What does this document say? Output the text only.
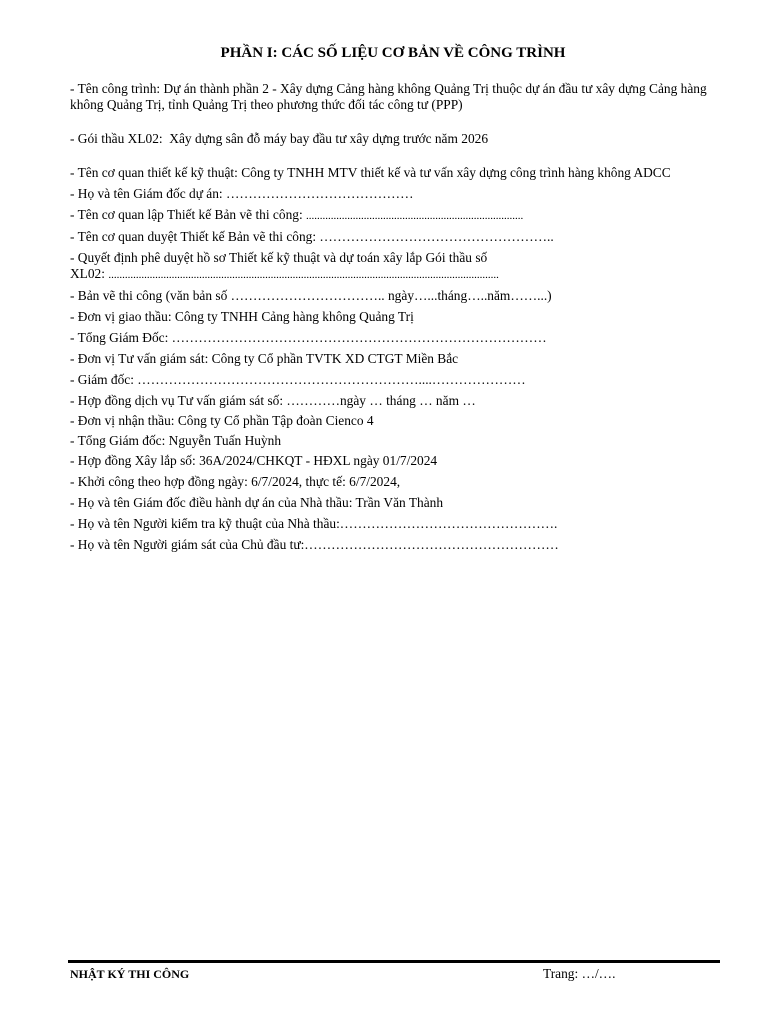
PHẦN I: CÁC SỐ LIỆU CƠ BẢN VỀ CÔNG TRÌNH

- Tên công trình: Dự án thành phần 2 - Xây dựng Cảng hàng không Quảng Trị thuộc dự án đầu tư xây dựng Cảng hàng không Quảng Trị, tỉnh Quảng Trị theo phương thức đối tác công tư (PPP)

- Gói thầu XL02:  Xây dựng sân đỗ máy bay đầu tư xây dựng trước năm 2026

- Tên cơ quan thiết kế kỹ thuật: Công ty TNHH MTV thiết kế và tư vấn xây dựng công trình hàng không ADCC

- Họ và tên Giám đốc dự án: ……………………………………

- Tên cơ quan lập Thiết kế Bản vẽ thi công: ...............................................................................

- Tên cơ quan duyệt Thiết kế Bản vẽ thi công: ……………………………………………..

- Quyết định phê duyệt hồ sơ Thiết kế kỹ thuật và dự toán xây lắp Gói thầu số
XL02: ..............................................................................................................................................

- Bản vẽ thi công (văn bản số …………………………….. ngày…...tháng…..năm……...)

- Đơn vị giao thầu: Công ty TNHH Cảng hàng không Quảng Trị

- Tổng Giám Đốc: …………………………………………………………………………

- Đơn vị Tư vấn giám sát: Công ty Cổ phần TVTK XD CTGT Miền Bắc

- Giám đốc: ………………………………………………………....…………………

- Hợp đồng dịch vụ Tư vấn giám sát số: …………ngày … tháng … năm …

- Đơn vị nhận thầu: Công ty Cổ phần Tập đoàn Cienco 4

- Tổng Giám đốc: Nguyễn Tuấn Huỳnh

- Hợp đồng Xây lắp số: 36A/2024/CHKQT - HĐXL ngày 01/7/2024

- Khởi công theo hợp đồng ngày: 6/7/2024, thực tế: 6/7/2024,

- Họ và tên Giám đốc điều hành dự án của Nhà thầu: Trần Văn Thành

- Họ và tên Người kiểm tra kỹ thuật của Nhà thầu:………………………………………….

- Họ và tên Người giám sát của Chủ đầu tư:…………………………………………………

NHẬT KÝ THI CÔNG	Trang: …/….
